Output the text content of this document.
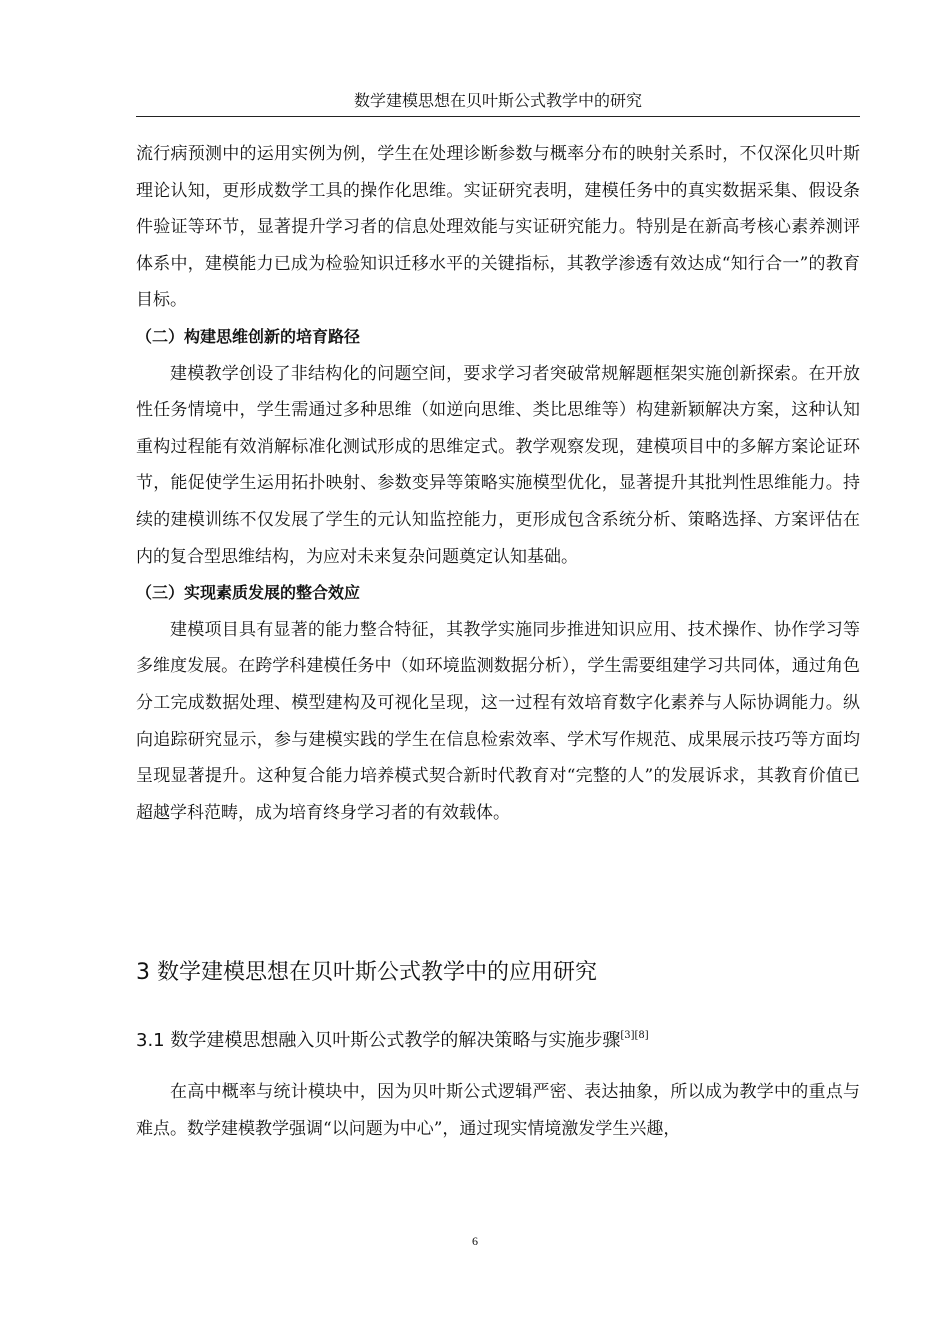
数学建模思想在贝叶斯公式教学中的研究

流行病预测中的运用实例为例，学生在处理诊断参数与概率分布的映射关系时，不仅深化贝叶斯理论认知，更形成数学工具的操作化思维。实证研究表明，建模任务中的真实数据采集、假设条件验证等环节，显著提升学习者的信息处理效能与实证研究能力。特别是在新高考核心素养测评体系中，建模能力已成为检验知识迁移水平的关键指标，其教学渗透有效达成“知行合一”的教育目标。

（二）构建思维创新的培育路径

建模教学创设了非结构化的问题空间，要求学习者突破常规解题框架实施创新探索。在开放性任务情境中，学生需通过多种思维（如逆向思维、类比思维等）构建新颖解决方案，这种认知重构过程能有效消解标准化测试形成的思维定式。教学观察发现，建模项目中的多解方案论证环节，能促使学生运用拓扑映射、参数变异等策略实施模型优化，显著提升其批判性思维能力。持续的建模训练不仅发展了学生的元认知监控能力，更形成包含系统分析、策略选择、方案评估在内的复合型思维结构，为应对未来复杂问题奠定认知基础。

（三）实现素质发展的整合效应

建模项目具有显著的能力整合特征，其教学实施同步推进知识应用、技术操作、协作学习等多维度发展。在跨学科建模任务中（如环境监测数据分析），学生需要组建学习共同体，通过角色分工完成数据处理、模型建构及可视化呈现，这一过程有效培育数字化素养与人际协调能力。纵向追踪研究显示，参与建模实践的学生在信息检索效率、学术写作规范、成果展示技巧等方面均呈现显著提升。这种复合能力培养模式契合新时代教育对“完整的人”的发展诉求，其教育价值已超越学科范畴，成为培育终身学习者的有效载体。

3 数学建模思想在贝叶斯公式教学中的应用研究
3.1 数学建模思想融入贝叶斯公式教学的解决策略与实施步骤[3][8]

在高中概率与统计模块中，因为贝叶斯公式逻辑严密、表达抽象，所以成为教学中的重点与难点。数学建模教学强调“以问题为中心”，通过现实情境激发学生兴趣，

6
